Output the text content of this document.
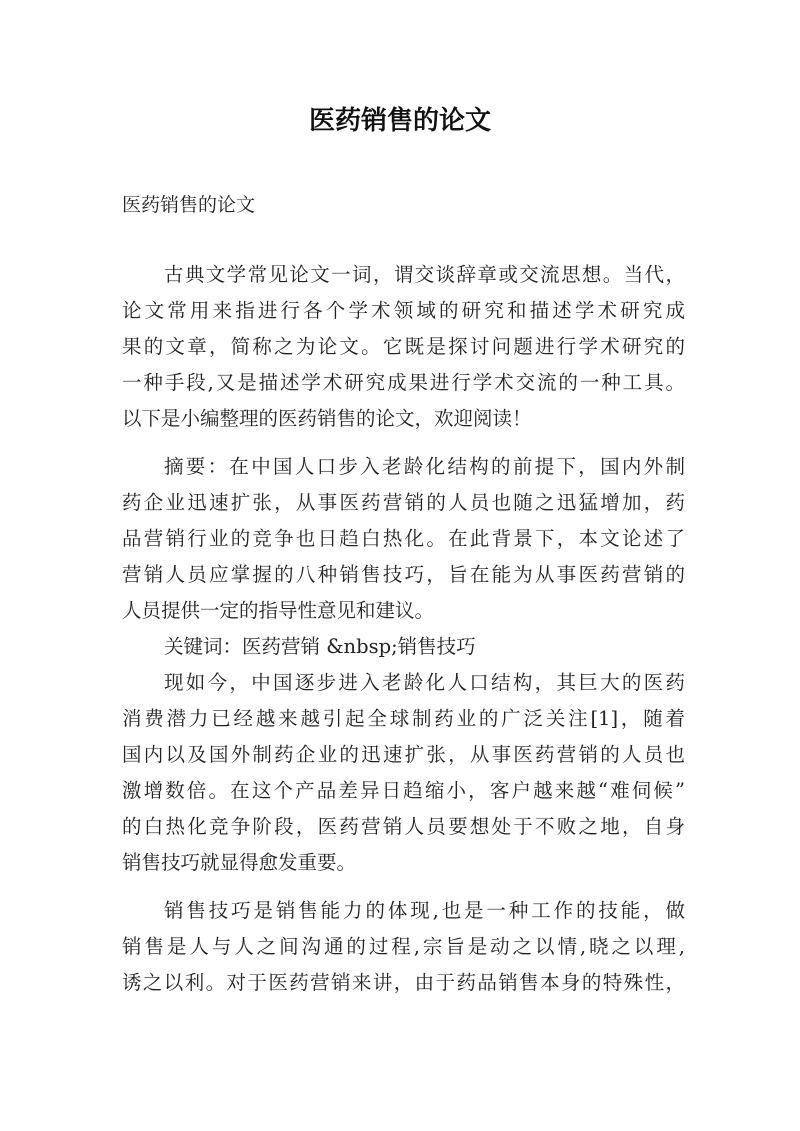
医药销售的论文
医药销售的论文
古典文学常见论文一词，谓交谈辞章或交流思想。当代，
论文常用来指进行各个学术领域的研究和描述学术研究成
果的文章，简称之为论文。它既是探讨问题进行学术研究的
一种手段,又是描述学术研究成果进行学术交流的一种工具。
以下是小编整理的医药销售的论文，欢迎阅读！
摘要：在中国人口步入老龄化结构的前提下，国内外制
药企业迅速扩张，从事医药营销的人员也随之迅猛增加，药
品营销行业的竞争也日趋白热化。在此背景下，本文论述了
营销人员应掌握的八种销售技巧，旨在能为从事医药营销的
人员提供一定的指导性意见和建议。
关键词：医药营销 &nbsp;销售技巧
现如今，中国逐步进入老龄化人口结构，其巨大的医药
消费潜力已经越来越引起全球制药业的广泛关注[1]，随着
国内以及国外制药企业的迅速扩张，从事医药营销的人员也
激增数倍。在这个产品差异日趋缩小，客户越来越“难伺候”
的白热化竞争阶段，医药营销人员要想处于不败之地，自身
销售技巧就显得愈发重要。
销售技巧是销售能力的体现,也是一种工作的技能，做
销售是人与人之间沟通的过程,宗旨是动之以情,晓之以理,
诱之以利。对于医药营销来讲，由于药品销售本身的特殊性，
